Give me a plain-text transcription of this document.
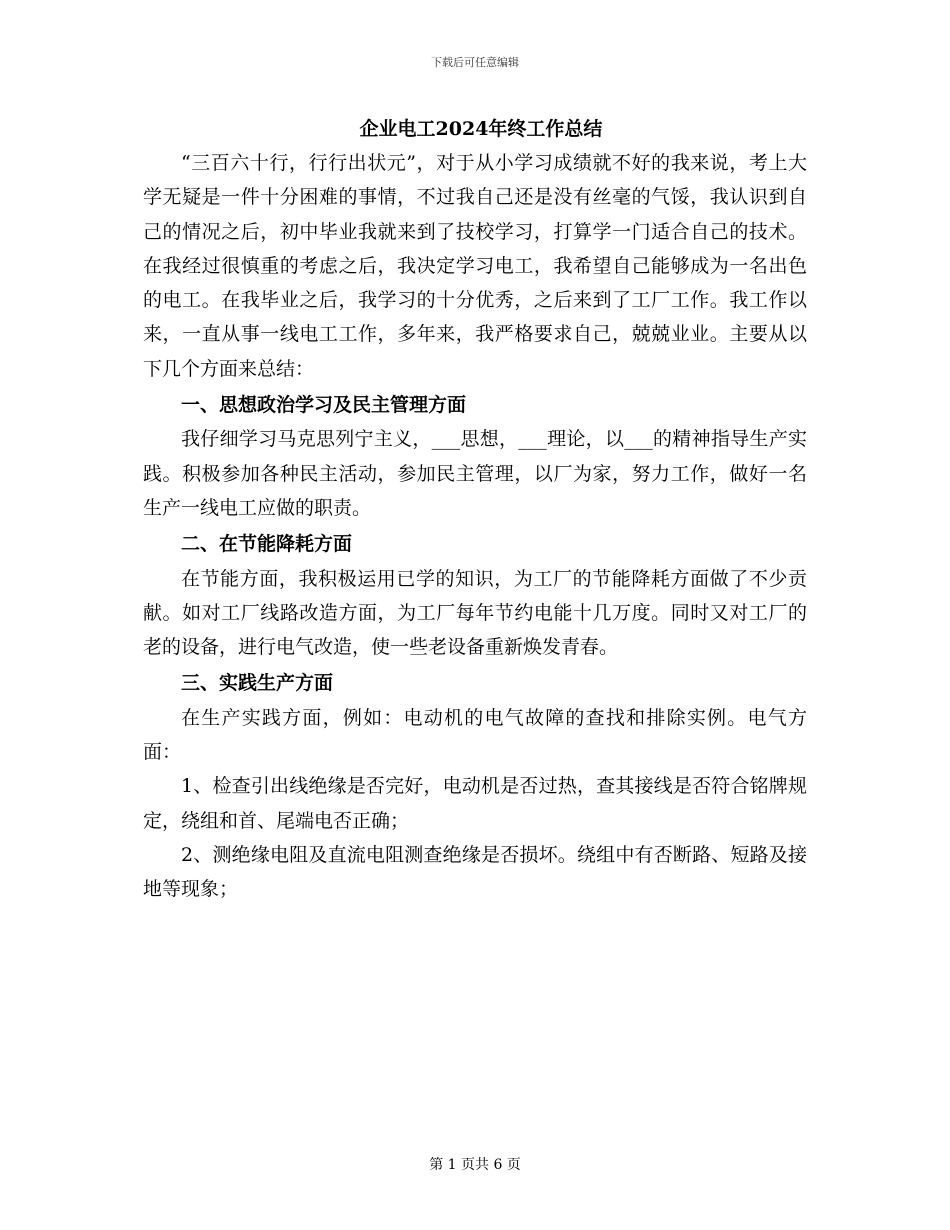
下载后可任意编辑

企业电工2024年终工作总结

“三百六十行，行行出状元”，对于从小学习成绩就不好的我来说，考上大学无疑是一件十分困难的事情，不过我自己还是没有丝毫的气馁，我认识到自己的情况之后，初中毕业我就来到了技校学习，打算学一门适合自己的技术。在我经过很慎重的考虑之后，我决定学习电工，我希望自己能够成为一名出色的电工。在我毕业之后，我学习的十分优秀，之后来到了工厂工作。我工作以来，一直从事一线电工工作，多年来，我严格要求自己，兢兢业业。主要从以下几个方面来总结：

一、思想政治学习及民主管理方面

我仔细学习马克思列宁主义，___思想，___理论，以___的精神指导生产实践。积极参加各种民主活动，参加民主管理，以厂为家，努力工作，做好一名生产一线电工应做的职责。

二、在节能降耗方面

在节能方面，我积极运用已学的知识，为工厂的节能降耗方面做了不少贡献。如对工厂线路改造方面，为工厂每年节约电能十几万度。同时又对工厂的老的设备，进行电气改造，使一些老设备重新焕发青春。

三、实践生产方面

在生产实践方面，例如：电动机的电气故障的查找和排除实例。电气方面：

1、检查引出线绝缘是否完好，电动机是否过热，查其接线是否符合铭牌规定，绕组和首、尾端电否正确；

2、测绝缘电阻及直流电阻测查绝缘是否损坏。绕组中有否断路、短路及接地等现象；

第 1 页共 6 页
